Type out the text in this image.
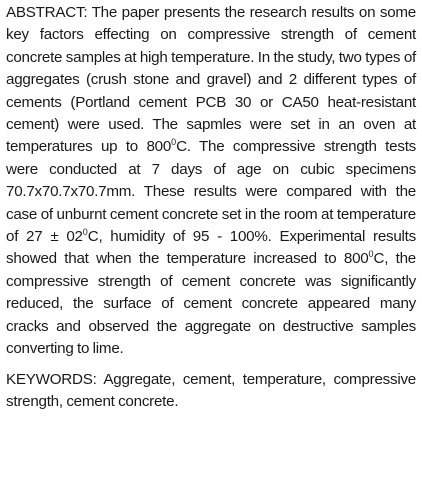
ABSTRACT: The paper presents the research results on some key factors effecting on compressive strength of cement concrete samples at high temperature. In the study, two types of aggregates (crush stone and gravel) and 2 different types of cements (Portland cement PCB 30 or CA50 heat-resistant cement) were used. The sapmles were set in an oven at temperatures up to $800^0C$. The compressive strength tests were conducted at 7 days of age on cubic specimens 70.7x70.7x70.7mm. These results were compared with the case of unburnt cement concrete set in the room at temperature of $27 \pm 02^0C$, humidity of 95 - 100%. Experimental results showed that when the temperature increased to $800^0C$, the compressive strength of cement concrete was significantly reduced, the surface of cement concrete appeared many cracks and observed the aggregate on destructive samples converting to lime.

KEYWORDS: Aggregate, cement, temperature, compressive strength, cement concrete.
